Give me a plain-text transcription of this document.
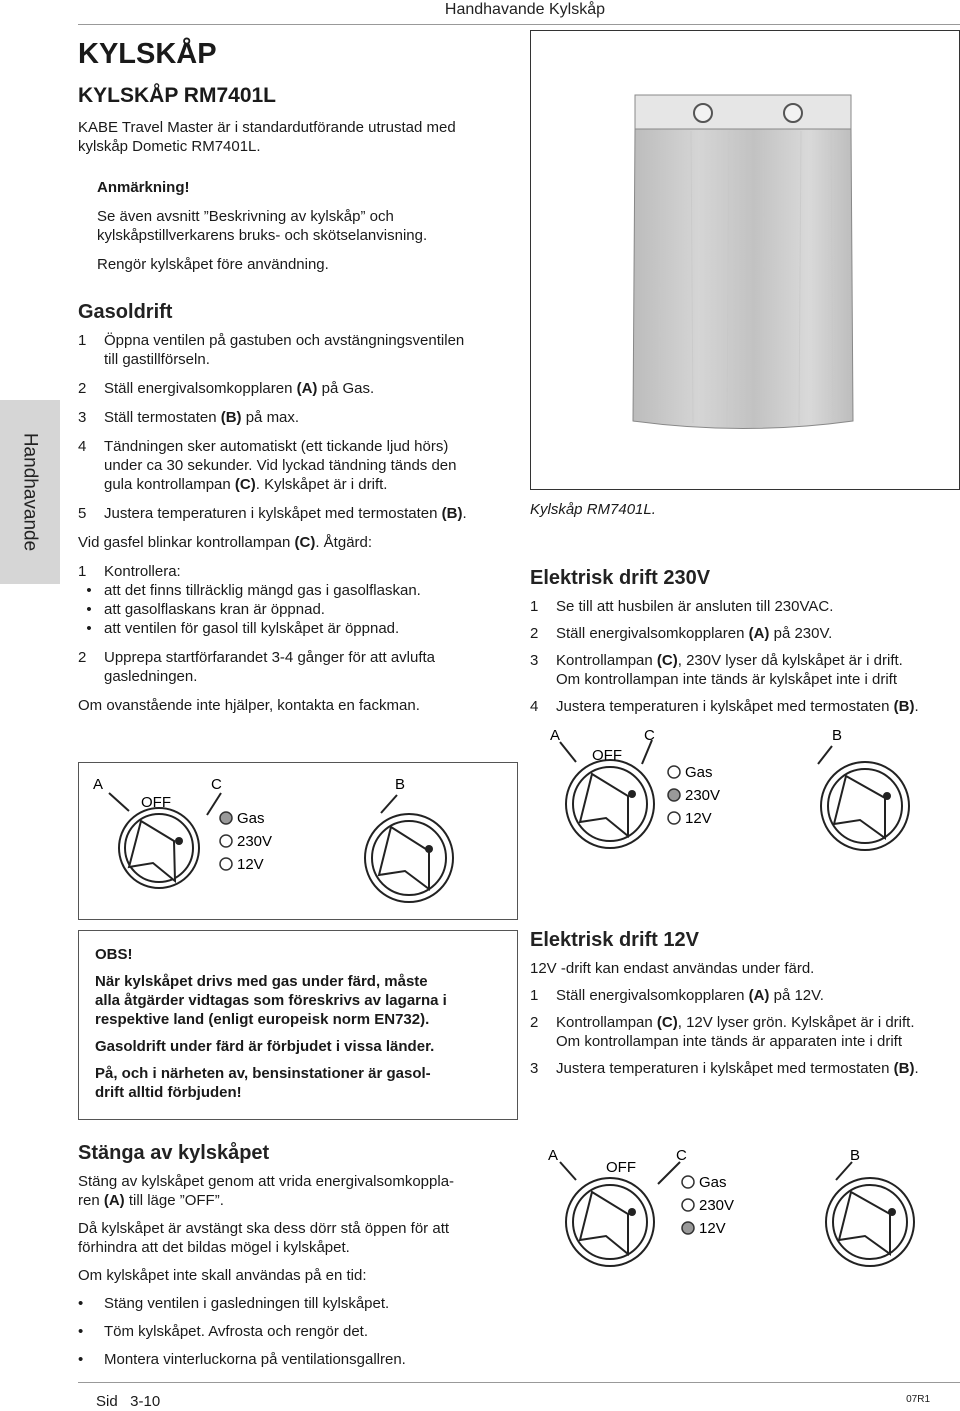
Handhavande Kylskåp
Handhavande
KYLSKÅP
KYLSKÅP RM7401L
KABE Travel Master är i standardutförande utrustad med
kylskåp Dometic RM7401L.
Anmärkning!
Se även avsnitt ”Beskrivning av kylskåp” och
kylskåpstillverkarens bruks- och skötselanvisning.
Rengör kylskåpet före användning.
Gasoldrift
1	Öppna ventilen på gastuben och avstängningsventilen
till gastillförseln.
2	Ställ energivalsomkopplaren (A) på Gas.
3	Ställ termostaten (B) på max.
4	Tändningen sker automatiskt (ett tickande ljud hörs)
under ca 30 sekunder. Vid lyckad tändning tänds den
gula kontrollampan (C). Kylskåpet är i drift.
5	Justera temperaturen i kylskåpet med termostaten (B).
Vid gasfel blinkar kontrollampan (C). Åtgärd:
1	Kontrollera:
• att det finns tillräcklig mängd gas i gasolflaskan.
• att gasolflaskans kran är öppnad.
• att ventilen för gasol till kylskåpet är öppnad.
2	Upprepa startförfarandet 3-4 gånger för att avlufta
gasledningen.
Om ovanstående inte hjälper, kontakta en fackman.
Kylskåp RM7401L.
Elektrisk drift 230V
1	Se till att husbilen är ansluten till 230VAC.
2	Ställ energivalsomkopplaren (A) på 230V.
3	Kontrollampan (C), 230V lyser då kylskåpet är i drift.
Om kontrollampan inte tänds är kylskåpet inte i drift
4	Justera temperaturen i kylskåpet med termostaten (B).
A
OFF
C	B
Gas
230V
12V
A
OFF
C	B
Gas
230V
12V

OBS!

När kylskåpet drivs med gas under färd, måste
alla åtgärder vidtagas som föreskrivs av lagarna i
respektive land (enligt europeisk norm EN732).

Gasoldrift under färd är förbjudet i vissa länder.

På, och i närheten av, bensinstationer är gasol-
drift alltid förbjuden!

Elektrisk drift 12V
12V -drift kan endast användas under färd.
1	Ställ energivalsomkopplaren (A) på 12V.
2	Kontrollampan (C), 12V lyser grön. Kylskåpet är i drift.
Om kontrollampan inte tänds är apparaten inte i drift
3	Justera temperaturen i kylskåpet med termostaten (B).
A
OFF
C	B
Gas
230V
12V
Stänga av kylskåpet
Stäng av kylskåpet genom att vrida energivalsomkoppla-
ren (A) till läge ”OFF”.
Då kylskåpet är avstängt ska dess dörr stå öppen för att
förhindra att det bildas mögel i kylskåpet.
Om kylskåpet inte skall användas på en tid:
•	Stäng ventilen i gasledningen till kylskåpet.
•	Töm kylskåpet. Avfrosta och rengör det.
•	Montera vinterluckorna på ventilationsgallren.
Sid   3-10	07R1
